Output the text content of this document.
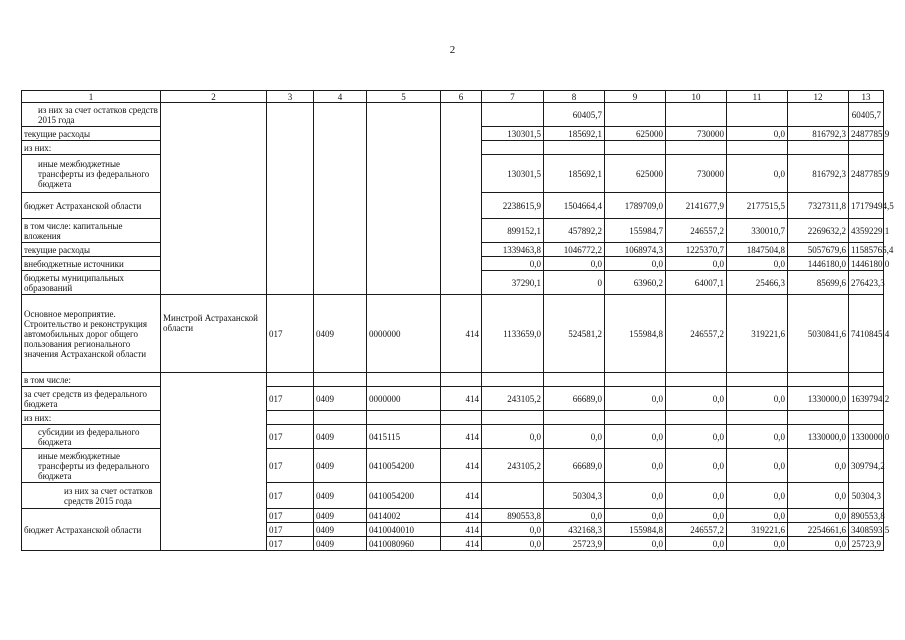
2
1	2	3	4	5	6	7	8	9	10	11	12	13
из них за счет остатков средств 2015 года							60405,7					60405,7
текущие расходы						130301,5	185692,1	625000	730000	0,0	816792,3	2487785,9
из них:												
иные межбюджетные трансферты из федерального бюджета						130301,5	185692,1	625000	730000	0,0	816792,3	2487785,9
бюджет Астраханской области						2238615,9	1504664,4	1789709,0	2141677,9	2177515,5	7327311,8	17179494,5
в том числе: капитальные вложения						899152,1	457892,2	155984,7	246557,2	330010,7	2269632,2	4359229,1
текущие расходы						1339463,8	1046772,2	1068974,3	1225370,7	1847504,8	5057679,6	11585765,4
внебюджетные источники						0,0	0,0	0,0	0,0	0,0	1446180,0	1446180,0
бюджеты муниципальных образований						37290,1	0	63960,2	64007,1	25466,3	85699,6	276423,3
Основное мероприятие. Строительство и реконструкция автомобильных дорог общего пользования регионального значения Астраханской области	Минстрой Астраханской области	017	0409	0000000	414	1133659,0	524581,2	155984,8	246557,2	319221,6	5030841,6	7410845,4
в том числе:												
за счет средств из федерального бюджета		017	0409	0000000	414	243105,2	66689,0	0,0	0,0	0,0	1330000,0	1639794,2
из них:												
субсидии из федерального бюджета		017	0409	0415115	414	0,0	0,0	0,0	0,0	0,0	1330000,0	1330000,0
иные межбюджетные трансферты из федерального бюджета		017	0409	0410054200	414	243105,2	66689,0	0,0	0,0	0,0	0,0	309794,2
из них за счет остатков средств 2015 года		017	0409	0410054200	414		50304,3	0,0	0,0	0,0	0,0	50304,3
бюджет Астраханской области		017	0409	0414002	414	890553,8	0,0	0,0	0,0	0,0	0,0	890553,8
		017	0409	0410040010	414	0,0	432168,3	155984,8	246557,2	319221,6	2254661,6	3408593,5
		017	0409	0410080960	414	0,0	25723,9	0,0	0,0	0,0	0,0	25723,9
